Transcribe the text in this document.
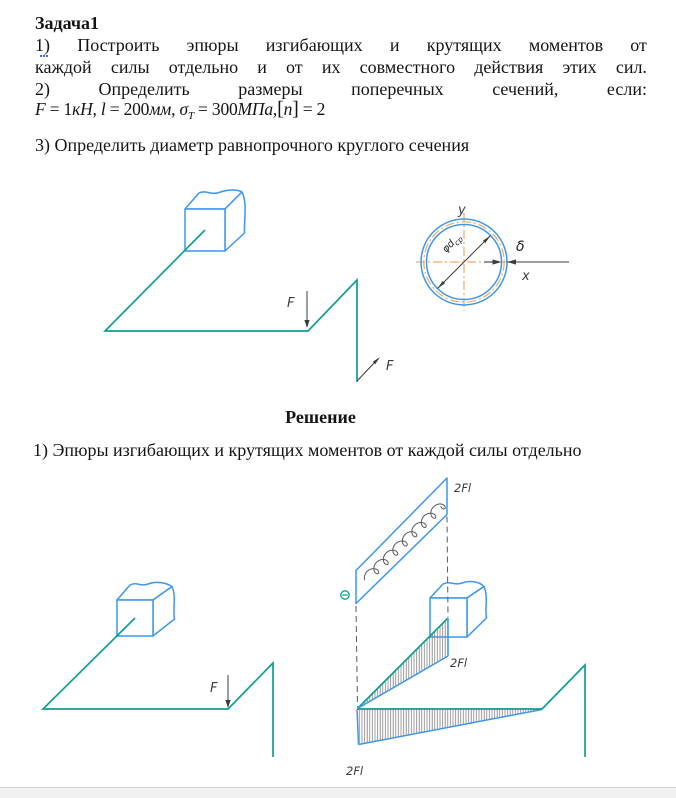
F
F
$\varphi d_{ср}$	δ
y
x
F
2Fl
2Fl
2Fl
Задача1
1) Построить эпюры изгибающих и крутящих моментов от
каждой силы отдельно и от их совместного действия этих сил.
2)	Определить	размеры	поперечных	сечений,	если:
F = 1кН, l = 200мм, $\sigma_T = 300МПа,[n] = 2$
3) Определить диаметр равнопрочного круглого сечения
Решение
1) Эпюры изгибающих и крутящих моментов от каждой силы отдельно
